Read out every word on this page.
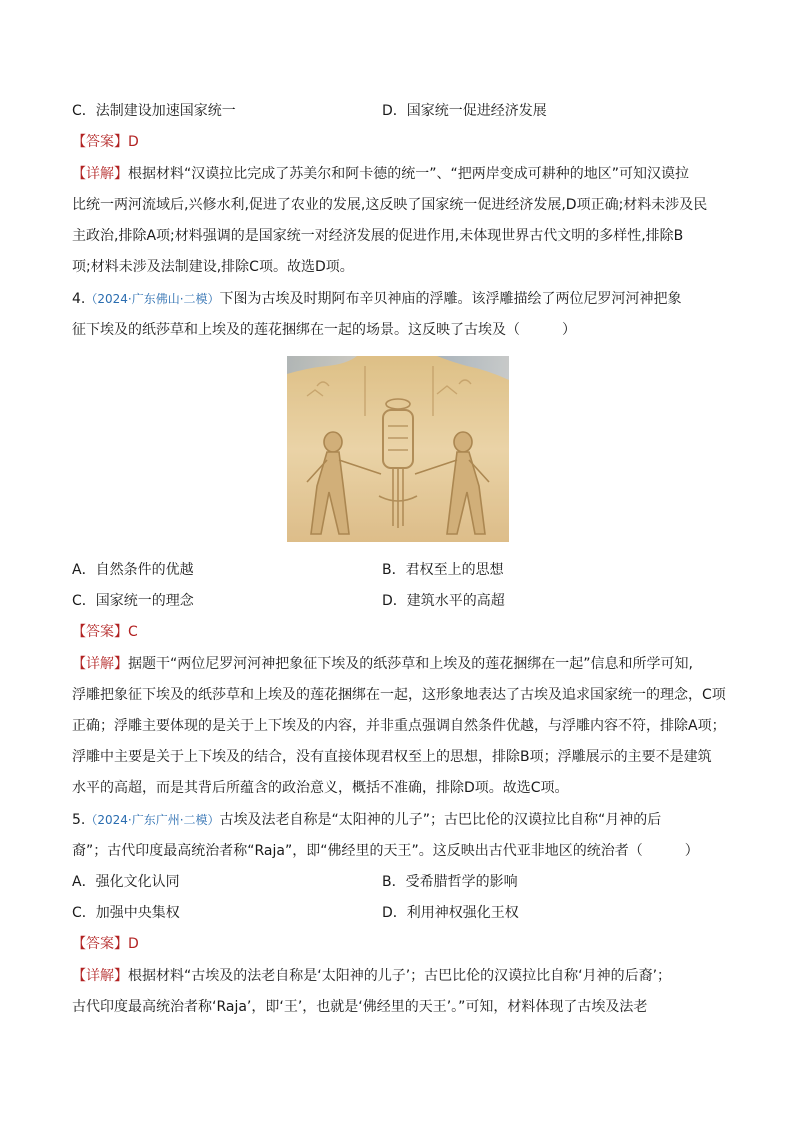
C．法制建设加速国家统一	D．国家统一促进经济发展
【答案】D
【详解】根据材料“汉谟拉比完成了苏美尔和阿卡德的统一”、“把两岸变成可耕种的地区”可知汉谟拉
比统一两河流域后,兴修水利,促进了农业的发展,这反映了国家统一促进经济发展,D项正确;材料未涉及民
主政治,排除A项;材料强调的是国家统一对经济发展的促进作用,未体现世界古代文明的多样性,排除B
项;材料未涉及法制建设,排除C项。故选D项。
4.（2024·广东佛山·二模）下图为古埃及时期阿布辛贝神庙的浮雕。该浮雕描绘了两位尼罗河河神把象
征下埃及的纸莎草和上埃及的莲花捆绑在一起的场景。这反映了古埃及（　　　）
A．自然条件的优越	B．君权至上的思想
C．国家统一的理念	D．建筑水平的高超
【答案】C
【详解】据题干“两位尼罗河河神把象征下埃及的纸莎草和上埃及的莲花捆绑在一起”信息和所学可知,
浮雕把象征下埃及的纸莎草和上埃及的莲花捆绑在一起，这形象地表达了古埃及追求国家统一的理念，C项
正确；浮雕主要体现的是关于上下埃及的内容，并非重点强调自然条件优越，与浮雕内容不符，排除A项；
浮雕中主要是关于上下埃及的结合，没有直接体现君权至上的思想，排除B项；浮雕展示的主要不是建筑
水平的高超，而是其背后所蕴含的政治意义，概括不准确，排除D项。故选C项。
5.（2024·广东广州·二模）古埃及法老自称是“太阳神的儿子”；古巴比伦的汉谟拉比自称“月神的后
裔”；古代印度最高统治者称“Raja”，即“佛经里的天王”。这反映出古代亚非地区的统治者（　　　）
A．强化文化认同	B．受希腊哲学的影响
C．加强中央集权	D．利用神权强化王权
【答案】D
【详解】根据材料“古埃及的法老自称是‘太阳神的儿子’；古巴比伦的汉谟拉比自称‘月神的后裔’；
古代印度最高统治者称‘Raja’，即‘王’，也就是‘佛经里的天王’。”可知，材料体现了古埃及法老
